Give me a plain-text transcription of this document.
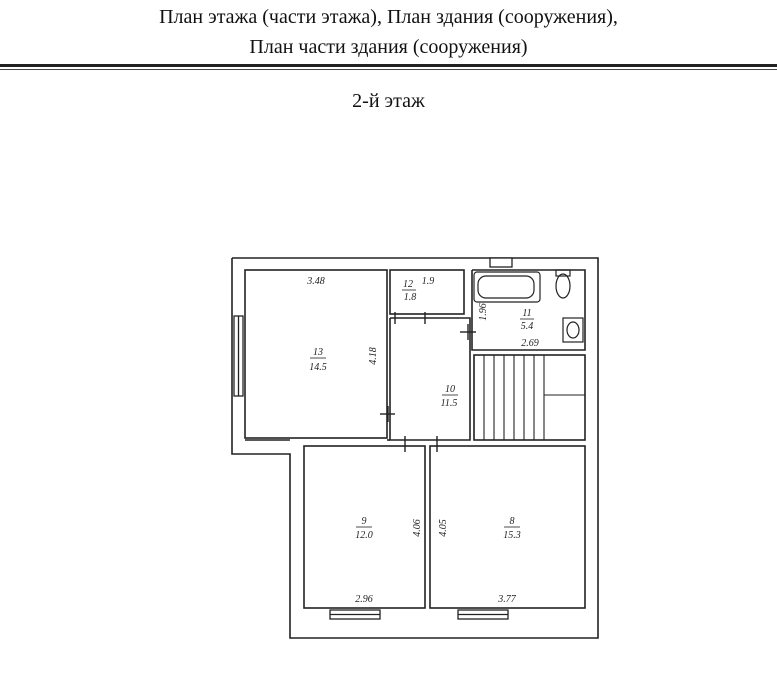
План этажа (части этажа), План здания (сооружения),

План части здания (сооружения)

2-й этаж
13
14.5
3.48
4.18
12
1.8
1.9
11
5.4
2.69
1.96
10
11.5
9
12.0
2.96
4.06	8
15.3
3.77
4.05
